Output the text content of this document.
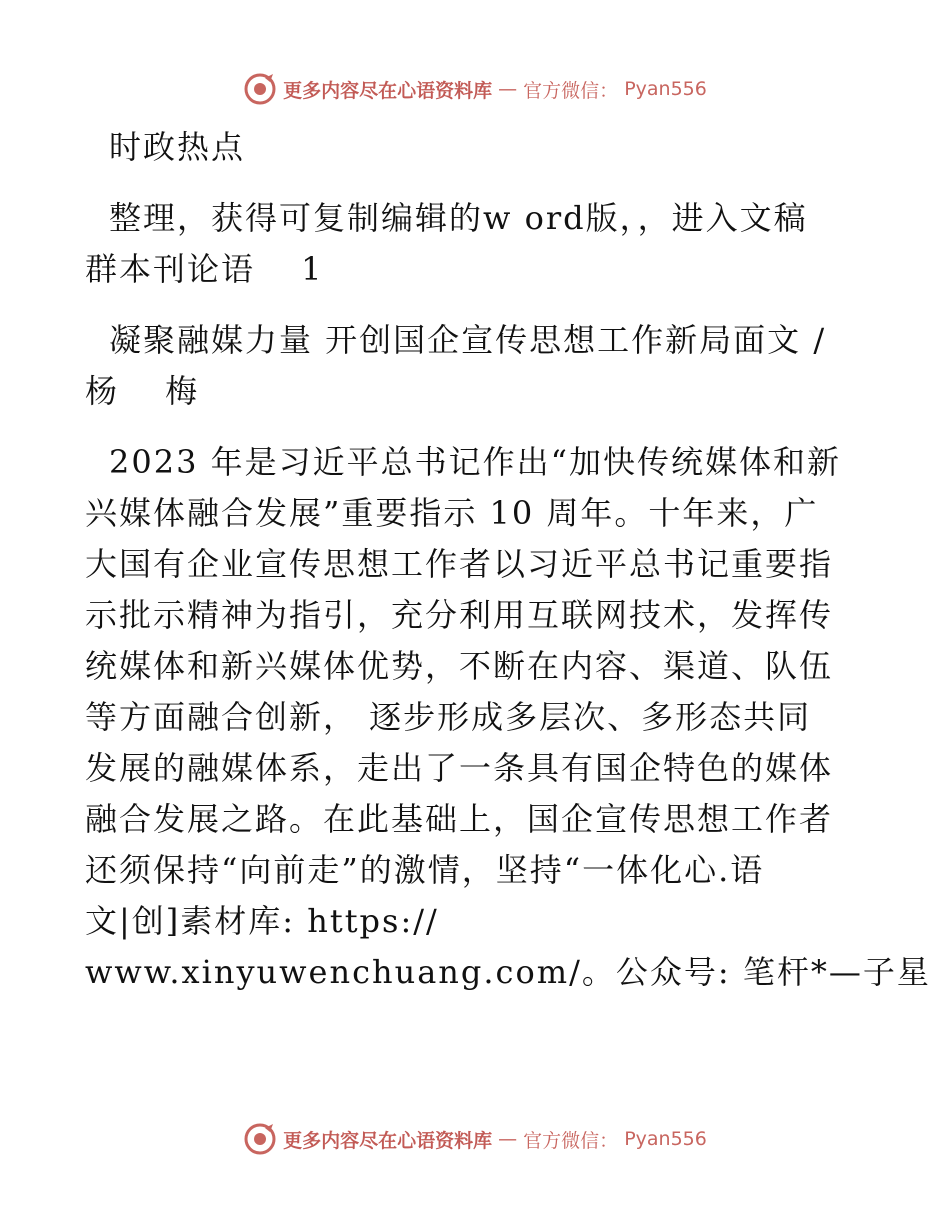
更多内容尽在心语资料库 — 官方微信： Pyan556

时政热点

整理，获得可复制编辑的w ord版，，进入文稿
群本刊论语　 1

凝聚融媒力量 开创国企宣传思想工作新局面文 /
杨　 梅

2023 年是习近平总书记作出“加快传统媒体和新
兴媒体融合发展”重要指示 10 周年。十年来，广
大国有企业宣传思想工作者以习近平总书记重要指
示批示精神为指引，充分利用互联网技术，发挥传
统媒体和新兴媒体优势，不断在内容、渠道、队伍
等方面融合创新， 逐步形成多层次、多形态共同
发展的融媒体系，走出了一条具有国企特色的媒体
融合发展之路。在此基础上，国企宣传思想工作者
还须保持“向前走”的激情，坚持“一体化心.语
文|创]素材库: https://
www.xinyuwenchuang.com/。公众号: 笔杆*—子星

更多内容尽在心语资料库 — 官方微信： Pyan556
